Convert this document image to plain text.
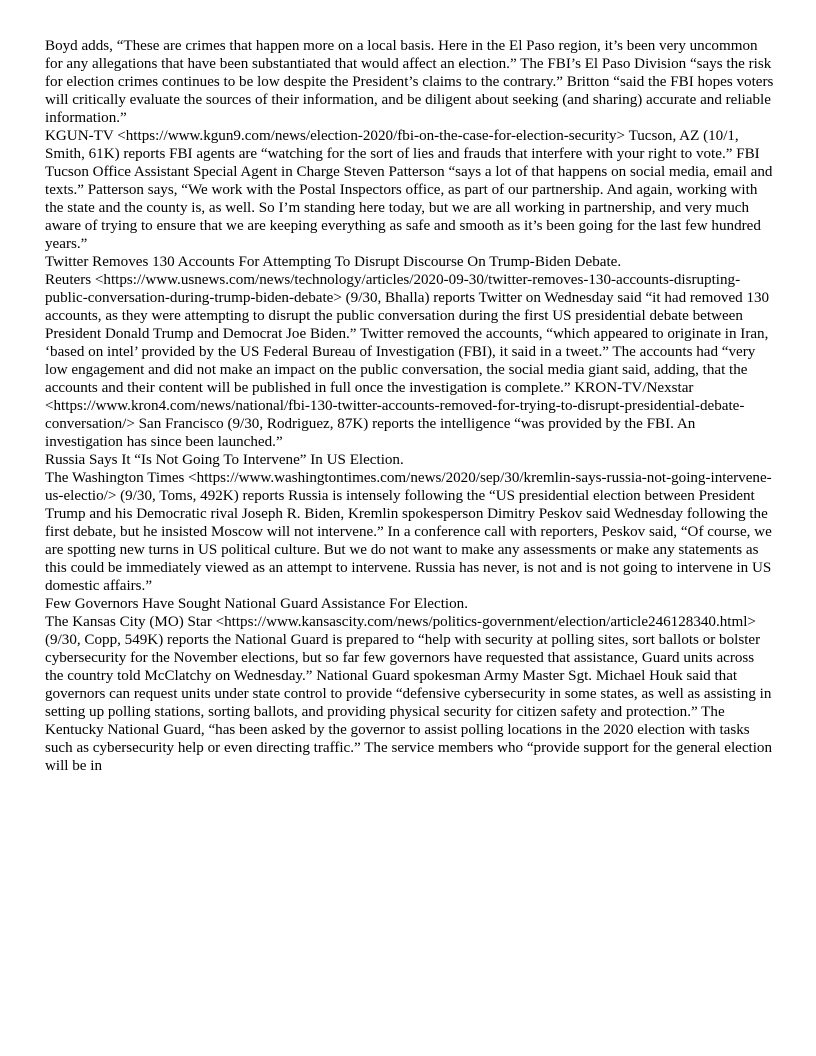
Boyd adds, “These are crimes that happen more on a local basis. Here in the El Paso region, it’s been very uncommon for any allegations that have been substantiated that would affect an election.” The FBI’s El Paso Division “says the risk for election crimes continues to be low despite the President’s claims to the contrary.” Britton “said the FBI hopes voters will critically evaluate the sources of their information, and be diligent about seeking (and sharing) accurate and reliable information.”

KGUN-TV <https://www.kgun9.com/news/election-2020/fbi-on-the-case-for-election-security> Tucson, AZ (10/1, Smith, 61K) reports FBI agents are “watching for the sort of lies and frauds that interfere with your right to vote.” FBI Tucson Office Assistant Special Agent in Charge Steven Patterson “says a lot of that happens on social media, email and texts.” Patterson says, “We work with the Postal Inspectors office, as part of our partnership. And again, working with the state and the county is, as well. So I’m standing here today, but we are all working in partnership, and very much aware of trying to ensure that we are keeping everything as safe and smooth as it’s been going for the last few hundred years.”

Twitter Removes 130 Accounts For Attempting To Disrupt Discourse On Trump-Biden Debate.

Reuters <https://www.usnews.com/news/technology/articles/2020-09-30/twitter-removes-130-accounts-disrupting-public-conversation-during-trump-biden-debate> (9/30, Bhalla) reports Twitter on Wednesday said “it had removed 130 accounts, as they were attempting to disrupt the public conversation during the first US presidential debate between President Donald Trump and Democrat Joe Biden.” Twitter removed the accounts, “which appeared to originate in Iran, ‘based on intel’ provided by the US Federal Bureau of Investigation (FBI), it said in a tweet.” The accounts had “very low engagement and did not make an impact on the public conversation, the social media giant said, adding, that the accounts and their content will be published in full once the investigation is complete.” KRON-TV/Nexstar <https://www.kron4.com/news/national/fbi-130-twitter-accounts-removed-for-trying-to-disrupt-presidential-debate-conversation/> San Francisco (9/30, Rodriguez, 87K) reports the intelligence “was provided by the FBI. An investigation has since been launched.”

Russia Says It “Is Not Going To Intervene” In US Election.

The Washington Times <https://www.washingtontimes.com/news/2020/sep/30/kremlin-says-russia-not-going-intervene-us-electio/> (9/30, Toms, 492K) reports Russia is intensely following the “US presidential election between President Trump and his Democratic rival Joseph R. Biden, Kremlin spokesperson Dimitry Peskov said Wednesday following the first debate, but he insisted Moscow will not intervene.” In a conference call with reporters, Peskov said, “Of course, we are spotting new turns in US political culture. But we do not want to make any assessments or make any statements as this could be immediately viewed as an attempt to intervene. Russia has never, is not and is not going to intervene in US domestic affairs.”

Few Governors Have Sought National Guard Assistance For Election.

The Kansas City (MO) Star <https://www.kansascity.com/news/politics-government/election/article246128340.html> (9/30, Copp, 549K) reports the National Guard is prepared to “help with security at polling sites, sort ballots or bolster cybersecurity for the November elections, but so far few governors have requested that assistance, Guard units across the country told McClatchy on Wednesday.” National Guard spokesman Army Master Sgt. Michael Houk said that governors can request units under state control to provide “defensive cybersecurity in some states, as well as assisting in setting up polling stations, sorting ballots, and providing physical security for citizen safety and protection.” The Kentucky National Guard, “has been asked by the governor to assist polling locations in the 2020 election with tasks such as cybersecurity help or even directing traffic.” The service members who “provide support for the general election will be in
